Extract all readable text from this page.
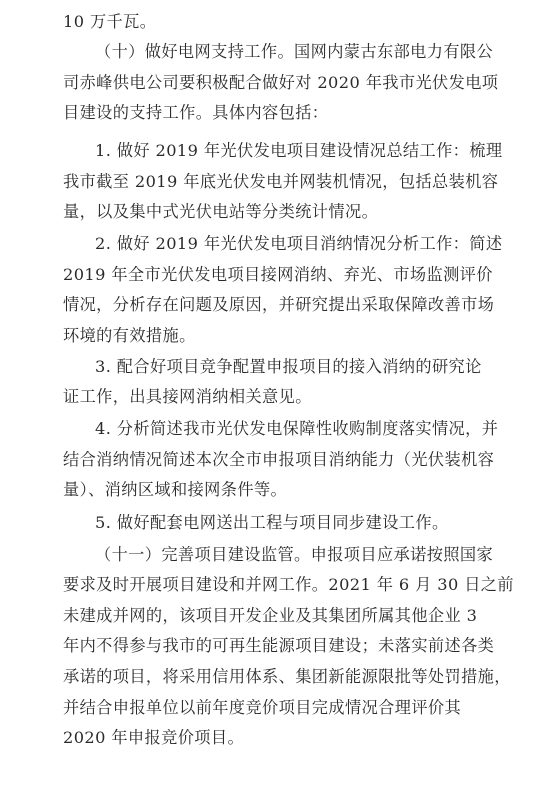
10 万千瓦。
（十）做好电网支持工作。国网内蒙古东部电力有限公
司赤峰供电公司要积极配合做好对 2020 年我市光伏发电项
目建设的支持工作。具体内容包括：
1. 做好 2019 年光伏发电项目建设情况总结工作：梳理
我市截至 2019 年底光伏发电并网装机情况，包括总装机容
量，以及集中式光伏电站等分类统计情况。
2. 做好 2019 年光伏发电项目消纳情况分析工作：简述
2019 年全市光伏发电项目接网消纳、弃光、市场监测评价
情况，分析存在问题及原因，并研究提出采取保障改善市场
环境的有效措施。
3. 配合好项目竞争配置申报项目的接入消纳的研究论
证工作，出具接网消纳相关意见。
4. 分析简述我市光伏发电保障性收购制度落实情况，并
结合消纳情况简述本次全市申报项目消纳能力（光伏装机容
量）、消纳区域和接网条件等。
5. 做好配套电网送出工程与项目同步建设工作。
（十一）完善项目建设监管。申报项目应承诺按照国家
要求及时开展项目建设和并网工作。2021 年 6 月 30 日之前
未建成并网的，该项目开发企业及其集团所属其他企业 3
年内不得参与我市的可再生能源项目建设；未落实前述各类
承诺的项目，将采用信用体系、集团新能源限批等处罚措施，
并结合申报单位以前年度竞价项目完成情况合理评价其
2020 年申报竞价项目。
